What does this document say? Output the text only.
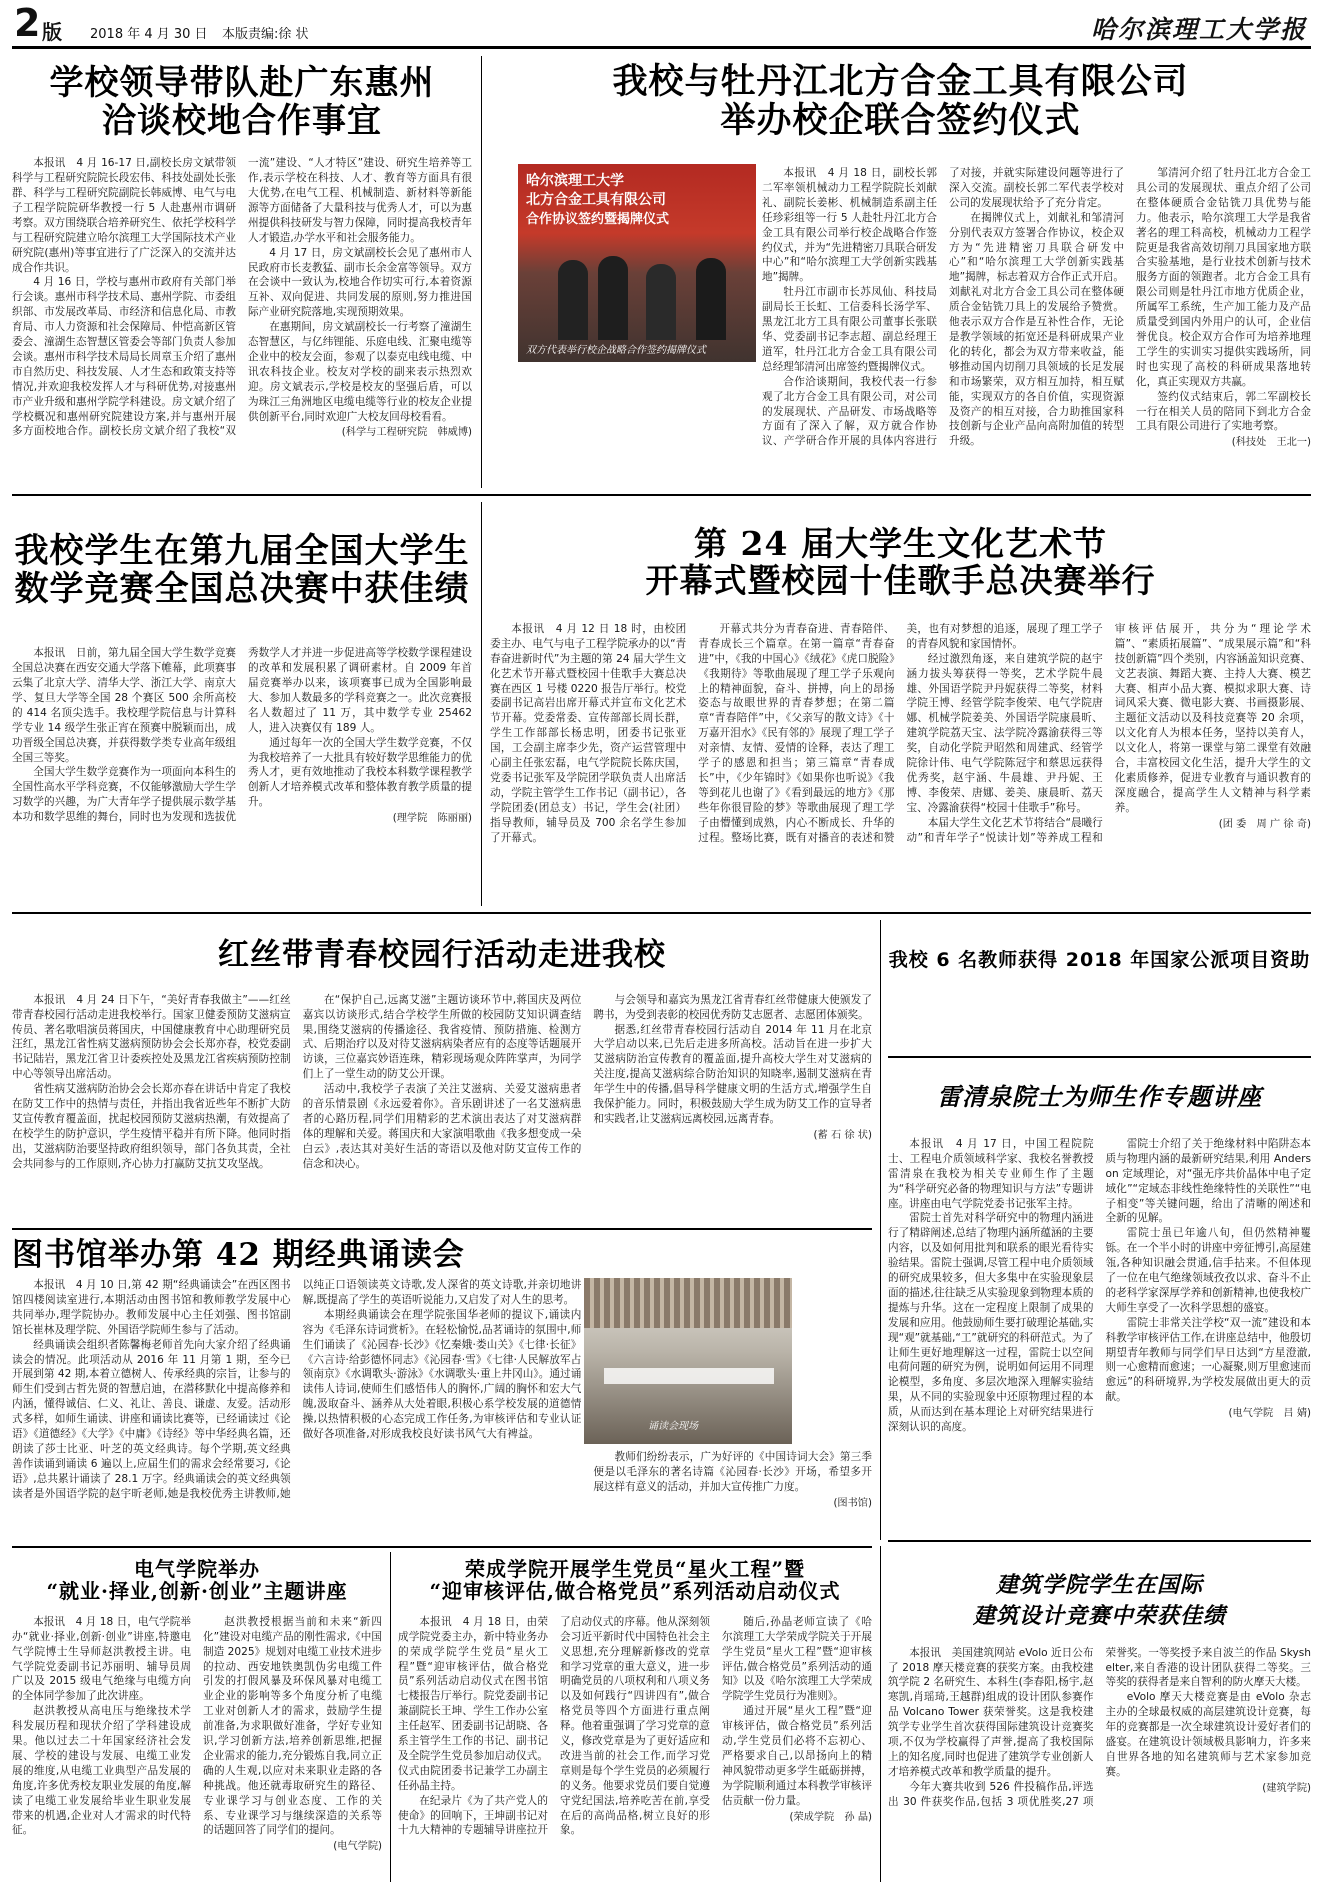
2 版 2018 年 4 月 30 日 本版责编:徐 状	哈尔滨理工大学报
学校领导带队赴广东惠州
洽谈校地合作事宜

本报讯　4 月 16-17 日,副校长房文斌带领科学与工程研究院院长段宏伟、科技处副处长张群、科学与工程研究院副院长韩威博、电气与电子工程学院院研华教授一行 5 人赴惠州市调研考察。双方围绕联合培养研究生、依托学校科学与工程研究院建立哈尔滨理工大学国际技术产业研究院(惠州)等事宜进行了广泛深入的交流并达成合作共识。

4 月 16 日，学校与惠州市政府有关部门举行会谈。惠州市科学技术局、惠州学院、市委组织部、市发展改革局、市经济和信息化局、市教育局、市人力资源和社会保障局、仲恺高新区管委会、潼湖生态智慧区管委会等部门负责人参加会谈。惠州市科学技术局局长周章玉介绍了惠州市自然历史、科技发展、人才生态和政策支持等情况,并欢迎我校发挥人才与科研优势,对接惠州市产业升级和惠州学院学科建设。房文斌介绍了学校概况和惠州研究院建设方案,并与惠州开展多方面校地合作。副校长房文斌介绍了我校“双一流”建设、“人才特区”建设、研究生培养等工作,表示学校在科技、人才、教育等方面具有很大优势,在电气工程、机械制造、新材料等新能源等方面储备了大量科技与优秀人才，可以为惠州提供科技研发与智力保障，同时提高我校青年人才锻造,办学水平和社会服务能力。

4 月 17 日，房文斌副校长会见了惠州市人民政府市长麦教猛、副市长余金富等领导。双方在会谈中一致认为,校地合作切实可行,本着资源互补、双向促进、共同发展的原则,努力推进国际产业研究院落地,实现预期效果。

在惠期间，房文斌副校长一行考察了潼湖生态智慧区，与亿纬锂能、乐庭电线、汇聚电缆等企业中的校友会面，参观了以泰克电线电缆、中讯农科技企业。校友对学校的副来表示热烈欢迎。房文斌表示,学校是校友的坚强后盾，可以为珠江三角洲地区电缆电缆等行业的校友企业提供创新平台,同时欢迎广大校友回母校看看。

(科学与工程研究院　韩威博)
我校与牡丹江北方合金工具有限公司
举办校企联合签约仪式
哈尔滨理工大学
北方合金工具有限公司
合作协议签约暨揭牌仪式
双方代表举行校企战略合作签约揭牌仪式

本报讯　4 月 18 日，副校长郭二军率领机械动力工程学院院长刘献礼、副院长姜彬、机械制造系副主任任珍彩组等一行 5 人赴牡丹江北方合金工具有限公司举行校企战略合作签约仪式，并为“先进精密刀具联合研发中心”和“哈尔滨理工大学创新实践基地”揭牌。

牡丹江市副市长苏凤仙、科技局副局长王长虹、工信委科长汤学军、黑龙江北方工具有限公司董事长张联华、党委副书记李志超、副总经理王道军，牡丹江北方合金工具有限公司总经理邹清河出席签约暨揭牌仪式。

合作洽谈期间，我校代表一行参观了北方合金工具有限公司，对公司的发展现状、产品研发、市场战略等方面有了深入了解，双方就合作协议、产学研合作开展的具体内容进行了对接，并就实际建设问题等进行了深入交流。副校长郭二军代表学校对公司的发展现状给予了充分肯定。

在揭牌仪式上，刘献礼和邹清河分别代表双方签署合作协议，校企双方为“先进精密刀具联合研发中心”和“哈尔滨理工大学创新实践基地”揭牌，标志着双方合作正式开启。刘献礼对北方合金工具公司在整体硬质合金钻铣刀具上的发展给予赞赏。他表示双方合作是互补性合作，无论是教学领域的拓宽还是科研成果产业化的转化，都会为双方带来收益，能够推动国内切削刀具领域的长足发展和市场繁荣，双方相互加持，相互赋能，实现双方的各自价值，实现资源及资产的相互对接，合力助推国家科技创新与企业产品向高附加值的转型升级。

邹清河介绍了牡丹江北方合金工具公司的发展现状、重点介绍了公司在整体硬质合金钻铣刀具优势与能力。他表示，哈尔滨理工大学是我省著名的理工科高校，机械动力工程学院更是我省高效切削刀具国家地方联合实验基地，是行业技术创新与技术服务方面的领跑者。北方合金工具有限公司则是牡丹江市地方优质企业，所属军工系统，生产加工能力及产品质量受到国内外用户的认可，企业信誉优良。校企双方合作可为培养地理工学生的实训实习提供实践场所，同时也实现了高校的科研成果落地转化，真正实现双方共赢。

签约仪式结束后，郭二军副校长一行在相关人员的陪同下到北方合金工具有限公司进行了实地考察。

(科技处　王北一)
我校学生在第九届全国大学生
数学竞赛全国总决赛中获佳绩

本报讯　日前，第九届全国大学生数学竞赛全国总决赛在西安交通大学落下帷幕，此项赛事云集了北京大学、清华大学、浙江大学、南京大学、复旦大学等全国 28 个赛区 500 余所高校的 414 名顶尖选手。我校理学院信息与计算科学专业 14 级学生张正宵在预赛中脱颖而出，成功晋级全国总决赛，并获得数学类专业高年级组全国三等奖。

全国大学生数学竞赛作为一项面向本科生的全国性高水平学科竞赛，不仅能够激励大学生学习数学的兴趣，为广大青年学子提供展示数学基本功和数学思维的舞台，同时也为发现和选拔优秀数学人才并进一步促进高等学校数学课程建设的改革和发展积累了调研素材。自 2009 年首届竞赛举办以来，该项赛事已成为全国影响最大、参加人数最多的学科竞赛之一。此次竞赛报名人数超过了 11 万，其中数学专业 25462 人，进入决赛仅有 189 人。

通过每年一次的全国大学生数学竞赛，不仅为我校培养了一大批具有较好数学思维能力的优秀人才，更有效地推动了我校本科数学课程教学创新人才培养模式改革和整体教育教学质量的提升。

(理学院　陈丽丽)
第 24 届大学生文化艺术节
开幕式暨校园十佳歌手总决赛举行

本报讯　4 月 12 日 18 时，由校团委主办、电气与电子工程学院承办的以“青春奋进新时代”为主题的第 24 届大学生文化艺术节开幕式暨校园十佳歌手大赛总决赛在西区 1 号楼 0220 报告厅举行。校党委副书记高岩出席开幕式并宣布文化艺术节开幕。党委常委、宣传部部长周长群，学生工作部部长杨忠明，团委书记张亚国，工会副主席李少先，资产运营管理中心副主任张宏磊，电气学院院长陈庆国，党委书记张军及学院团学联负责人出席活动，学院主管学生工作书记（副书记），各学院团委(团总支）书记，学生会(社团）指导教师，辅导员及 700 余名学生参加了开幕式。

开幕式共分为青春奋进、青春陪伴、青春成长三个篇章。在第一篇章“青春奋进”中，《我的中国心》《绒花》《虎口脱险》《我期待》等歌曲展现了理工学子乐观向上的精神面貌，奋斗、拼搏，向上的昂扬姿态与故眼世界的青春梦想；在第二篇章“青春陪伴”中，《父亲写的散文诗》《十万嘉开泪水》《民有邻的》展现了理工学子对亲情、友情、爱情的诠释，表达了理工学子的感恩和担当；第三篇章“青春成长”中，《少年锦时》《如果你也听说》《我等到花儿也谢了》《看到最远的地方》《那些年你很冒险的梦》等歌曲展现了理工学子由懵懂到成熟，内心不断成长、升华的过程。整场比赛，既有对播音的表述和赞美，也有对梦想的追逐，展现了理工学子的青春风貌和家国情怀。

经过激烈角逐，来自建筑学院的赵宇涵力拔头筹获得一等奖，艺术学院牛晨雄、外国语学院尹丹妮获得二等奖，材料学院王博、经管学院李俊荣、电气学院唐娜、机械学院姜美、外国语学院康晨昕、建筑学院荔天宝、法学院冷露渝获得三等奖，自动化学院尹昭然和周建武、经管学院徐计伟、电气学院陈冠宇和蔡思远获得优秀奖，赵宇涵、牛晨雄、尹丹妮、王博、李俊荣、唐娜、姜美、康晨昕、荔天宝、冷露渝获得“校园十佳歌手”称号。

本届大学生文化艺术节将结合“晨曦行动”和青年学子“悦读计划”等养成工程和审核评估展开，共分为“理论学术篇”、“素质拓展篇”、“成果展示篇”和“科技创新篇”四个类别，内容涵盖知识竞赛、文艺表演、舞蹈大赛、主持人大赛、模艺大赛、相声小品大赛、模拟求职大赛、诗词风采大赛、微电影大赛、书画摄影展、主题征文活动以及科技竞赛等 20 余项，以文化育人为根本任务，坚持以美育人，以文化人，将第一课堂与第二课堂有效融合，丰富校园文化生活，提升大学生的文化素质修养，促进专业教育与通识教育的深度融合，提高学生人文精神与科学素养。

(团 委　周 广 徐 奇)
红丝带青春校园行活动走进我校

本报讯　4 月 24 日下午，“美好青春我做主”——红丝带青春校园行活动走进我校举行。国家卫健委预防艾滋病宣传员、著名歌唱演员蒋国庆，中国健康教育中心助理研究员汪红，黑龙江省性病艾滋病预防协会会长郑亦春，校党委副书记陆岩，黑龙江省卫计委疾控处及黑龙江省疾病预防控制中心等领导出席活动。

省性病艾滋病防治协会会长郑亦春在讲话中肯定了我校在防艾工作中的热情与责任，并指出我省近些年不断扩大防艾宣传教育覆盖面，扰起校园预防艾滋病热潮，有效提高了在校学生的防护意识，学生疫情平稳并有所下降。他同时指出，艾滋病防治要坚持政府组织领导，部门各负其责，全社会共同参与的工作原则,齐心协力打赢防艾抗艾攻坚战。

在“保护自己,远离艾滋”主题访谈环节中,蒋国庆及两位嘉宾以访谈形式,结合学校学生所做的校园防艾知识调查结果,围绕艾滋病的传播途径、我省疫情、预防措施、检测方式、后期治疗以及对待艾滋病病染者应有的态度等话题展开访谈，三位嘉宾妙语连珠，精彩现场观众阵阵掌声，为同学们上了一堂生动的防艾公开课。

活动中,我校学子表演了关注艾滋病、关爱艾滋病患者的音乐情景剧《永远爱着你》。音乐剧讲述了一名艾滋病患者的心路历程,同学们用精彩的艺术演出表达了对艾滋病群体的理解和关爱。蒋国庆和大家演唱歌曲《我多想变成一朵白云》,表达其对美好生活的寄语以及他对防艾宣传工作的信念和决心。

与会领导和嘉宾为黑龙江省青春红丝带健康大使颁发了聘书，为受到表彰的校园优秀防艾志愿者、志愿团体颁奖。

据悉,红丝带青春校园行活动自 2014 年 11 月在北京大学启动以来,已先后走进多所高校。活动旨在进一步扩大艾滋病防治宣传教育的覆盖面,提升高校大学生对艾滋病的关注度,提高艾滋病综合防治知识的知晓率,遏制艾滋病在青年学生中的传播,倡导科学健康文明的生活方式,增强学生自我保护能力。同时，积极鼓励大学生成为防艾工作的宣导者和实践者,让艾滋病远离校园,远离青春。

(蓄 石 徐 状)
我校 6 名教师获得 2018 年国家公派项目资助
雷清泉院士为师生作专题讲座

本报讯　4 月 17 日，中国工程院院士、工程电介质领域科学家、我校名誉教授雷清泉在我校为相关专业师生作了主题为“科学研究必备的物理知识与方法”专题讲座。讲座由电气学院党委书记张军主持。

雷院士首先对科学研究中的物理内涵进行了精辟阐述,总结了物理内涵所蕴涵的主要内容，以及如何用批判和联系的眼光看待实验结果。雷院士强调,尽管工程中电介质领域的研究成果较多，但大多集中在实验现象层面的描述,往往缺乏从实验现象到物理本质的提炼与升华。这在一定程度上限制了成果的发展和应用。他鼓励师生要打破理论基础,实现“观”就基础,“工”就研究的科研范式。为了让师生更好地理解这一过程，雷院士以空间电荷问题的研究为例，说明如何运用不同理论模型，多角度、多层次地深入理解实验结果，从不同的实验现象中还原物理过程的本质，从而达到在基本理论上对研究结果进行深刻认识的高度。

雷院士介绍了关于绝缘材料中陷阱态本质与物理内涵的最新研究结果,利用 Anderson 定域理论，对“强无序共价晶体中电子定域化”“定域态非线性绝缘特性的关联性”“电子相变”等关键问题，给出了清晰的阐述和全新的见解。

雷院士虽已年逾八旬，但仍然精神矍铄。在一个半小时的讲座中旁征博引,高屋建瓴,各种知识融会贯通,信手拈来。不但体现了一位在电气绝缘领域孜孜以求、奋斗不止的老科学家深厚学养和创新精神,也使我校广大师生享受了一次科学思想的盛宴。

雷院士非常关注学校“双一流”建设和本科教学审核评估工作,在讲座总结中，他殷切期望青年教师与同学们早日达到“方星澄澈,则一心愈精而愈速；一心凝聚,则万里愈速而愈远”的科研境界,为学校发展做出更大的贡献。

(电气学院　吕 婧)
图书馆举办第 42 期经典诵读会
诵读会现场

本报讯　4 月 10 日,第 42 期“经典诵读会”在西区图书馆四楼阅读室进行,本期活动由图书馆和教师教学发展中心共同举办,理学院协办。教师发展中心主任刘强、图书馆副馆长崔林及理学院、外国语学院师生参与了活动。

经典诵读会组织者陈馨梅老师首先向大家介绍了经典诵读会的情况。此项活动从 2016 年 11 月第 1 期，至今已开展到第 42 期,本着立德树人、传承经典的宗旨，让参与的师生们受到古哲先贤的智慧启迪，在潜移默化中提高修养和内涵，懂得诚信、仁义、礼让、善良、谦虚、友爱。活动形式多样，如师生诵读、讲座和诵读比赛等，已经诵读过《论语》《道德经》《大学》《中庸》《诗经》等中华经典名篇，还朗读了莎士比亚、叶芝的英文经典诗。每个学期,英文经典善作读诵到诵读 6 遍以上,应届生们的需求会经常要习,《论语》,总共累计诵读了 28.1 万字。经典诵读会的英文经典领读者是外国语学院的赵宇昕老师,她是我校优秀主讲教师,她以纯正口语领读英文诗歌,发人深省的英文诗歌,并亲切地讲解,既提高了学生的英语听说能力,又启发了对人生的思考。

本期经典诵读会在理学院张国华老师的提议下,诵读内容为《毛泽东诗词赏析》。在轻松愉悦,品茗诵诗的氛围中,师生们诵读了《沁园春·长沙》《忆秦娥·娄山关》《七律·长征》《六言诗·给彭德怀同志》《沁园春·雪》《七律·人民解放军占领南京》《水调歌头·游泳》《水调歌头·重上井冈山》。通过诵读伟人诗词,使师生们感悟伟人的胸怀,广阔的胸怀和宏大气魄,汲取奋斗、涵养从大处着眼,积极心系学校发展的道德情操,以热情积极的心态完成工作任务,为审核评估和专业认证做好各项准备,对形成我校良好读书风气大有裨益。

教师们纷纷表示，广为好评的《中国诗词大会》第三季便是以毛泽东的著名诗篇《沁园春·长沙》开场，希望多开展这样有意义的活动，并加大宣传推广力度。

(图书馆)
电气学院举办
“就业·择业,创新·创业”主题讲座

本报讯　4 月 18 日，电气学院举办“就业·择业,创新·创业”讲座,特邀电气学院博士生导师赵洪教授主讲。电气学院党委副书记苏丽明、辅导员周广以及 2015 级电气绝缘与电缆方向的全体同学参加了此次讲座。

赵洪教授从高电压与绝缘技术学科发展历程和现状介绍了学科建设成果。他以过去二十年国家经济社会发展、学校的建设与发展、电缆工业发展的维度,从电缆工业典型产品发展的角度,许多优秀校友职业发展的角度,解读了电缆工业发展给毕业生职业发展带来的机遇,企业对人才需求的时代特征。

赵洪教授根据当前和未来“新四化”建设对电缆产品的刚性需求,《中国制造 2025》规划对电缆工业技术进步的拉动、西安地铁奥凯伪劣电缆工件引发的打假风暴及环保风暴对电缆工业企业的影响等多个角度分析了电缆工业对创新人才的需求，鼓励学生提前准备,为求职做好准备，学好专业知识,学习创新方法,培养创新思维,把握企业需求的能力,充分锻炼自我,同立正确的人生观,以应对未来职业走路的各种挑战。他还就毒取研究生的路径、专业课学习与创业态度、工作的关系、专业课学习与继续深造的关系等的话题回答了同学们的提问。

(电气学院)
荣成学院开展学生党员“星火工程”暨
“迎审核评估,做合格党员”系列活动启动仪式

本报讯　4 月 18 日，由荣成学院党委主办，新中特业务办的荣成学院学生党员“星火工程”暨“迎审核评估，做合格党员”系列活动启动仪式在图书馆七楼报告厅举行。院党委副书记兼副院长王坤、学生工作办公室主任赵军、团委副书记胡晓、各系主管学生工作的书记、副书记及全院学生党员参加启动仪式。仪式由院团委书记兼学工办副主任孙晶主持。

在纪录片《为了共产党人的使命》的回响下，王坤副书记对十九大精神的专题辅导讲座拉开了启动仪式的序幕。他从深刻领会习近平新时代中国特色社会主义思想,充分理解新修改的党章和学习党章的重大意义，进一步明确党员的八项权利和八项义务以及如何践行“四讲四有”,做合格党员等四个方面进行重点阐释。他着重强调了学习党章的意义，修改党章是为了更好适应和改进当前的社会工作,而学习党章则是每个学生党员的必须履行的义务。他要求党员们要自觉遵守党纪国法,培养吃苦在前,享受在后的高尚品格,树立良好的形象。

随后,孙晶老师宣读了《哈尔滨理工大学荣成学院关于开展学生党员“星火工程”暨“迎审核评估,做合格党员”系列活动的通知》以及《哈尔滨理工大学荣成学院学生党员行为准则》。

通过开展“星火工程”暨“迎审核评估，做合格党员”系列活动,学生党员们必将不忘初心、严格要求自己,以昂扬向上的精神风貌带动更多学生砥砺拼搏，为学院顺利通过本科教学审核评估贡献一份力量。

(荣成学院　孙 晶)
建筑学院学生在国际
建筑设计竞赛中荣获佳绩

本报讯　美国建筑网站 eVolo 近日公布了 2018 摩天楼竞赛的获奖方案。由我校建筑学院 2 名研究生、本科生(李春阳,杨宇,赵寒凯,肖瑶琦,王越群)组成的设计团队参赛作品 Volcano Tower 获荣誉奖。这是我校建筑学专业学生首次获得国际建筑设计竞赛奖项,不仅为学校赢得了声誉,提高了我校国际上的知名度,同时也促进了建筑学专业创新人才培养模式改革和教学质量的提升。

今年大赛共收到 526 件投稿作品,评选出 30 件获奖作品,包括 3 项优胜奖,27 项荣誉奖。一等奖授予来自波兰的作品 Skyshelter,来自香港的设计团队获得二等奖。三等奖的获得者是来自智利的防火摩天大楼。

eVolo 摩天大楼竞赛是由 eVolo 杂志主办的全球最权威的高层建筑设计竞赛，每年的竞赛都是一次全球建筑设计爱好者们的盛宴。在建筑设计领域极具影响力，许多来自世界各地的知名建筑师与艺术家参加竞赛。

(建筑学院)
